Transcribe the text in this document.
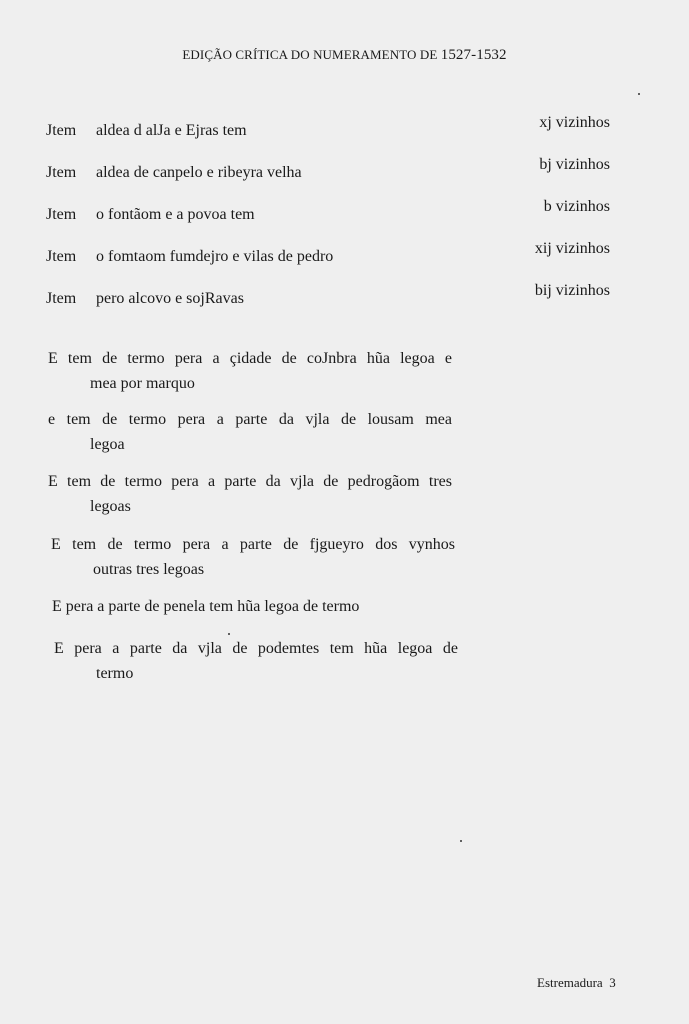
EDIÇÃO CRÍTICA DO NUMERAMENTO DE 1527-1532
Jtem aldea d alJa e Ejras tem	xj vizinhos
Jtem aldea de canpelo e ribeyra velha	bj vizinhos
Jtem o fontãom e a povoa tem	b vizinhos
Jtem o fomtaom fumdejro e vilas de pedro	xij vizinhos
Jtem pero alcovo e sojRavas	bij vizinhos
E tem de termo pera a çidade de coJnbra hũa legoa e
mea por marquo
e tem de termo pera a parte da vjla de lousam mea
legoa
E tem de termo pera a parte da vjla de pedrogãom tres
legoas
E tem de termo pera a parte de fjgueyro dos vynhos
outras tres legoas
E pera a parte de penela tem hũa legoa de termo
E pera a parte da vjla de podemtes tem hũa legoa de
termo
Estremadura 3
